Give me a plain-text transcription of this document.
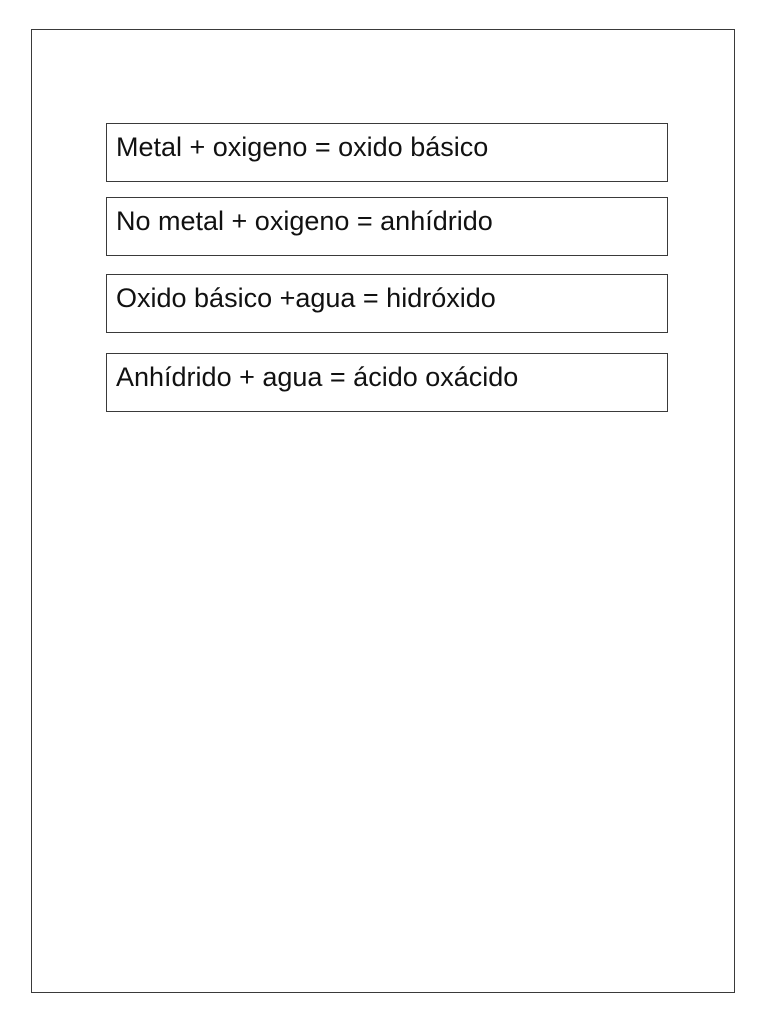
Metal + oxigeno = oxido básico
No metal + oxigeno = anhídrido
Oxido básico +agua = hidróxido
Anhídrido + agua = ácido oxácido
